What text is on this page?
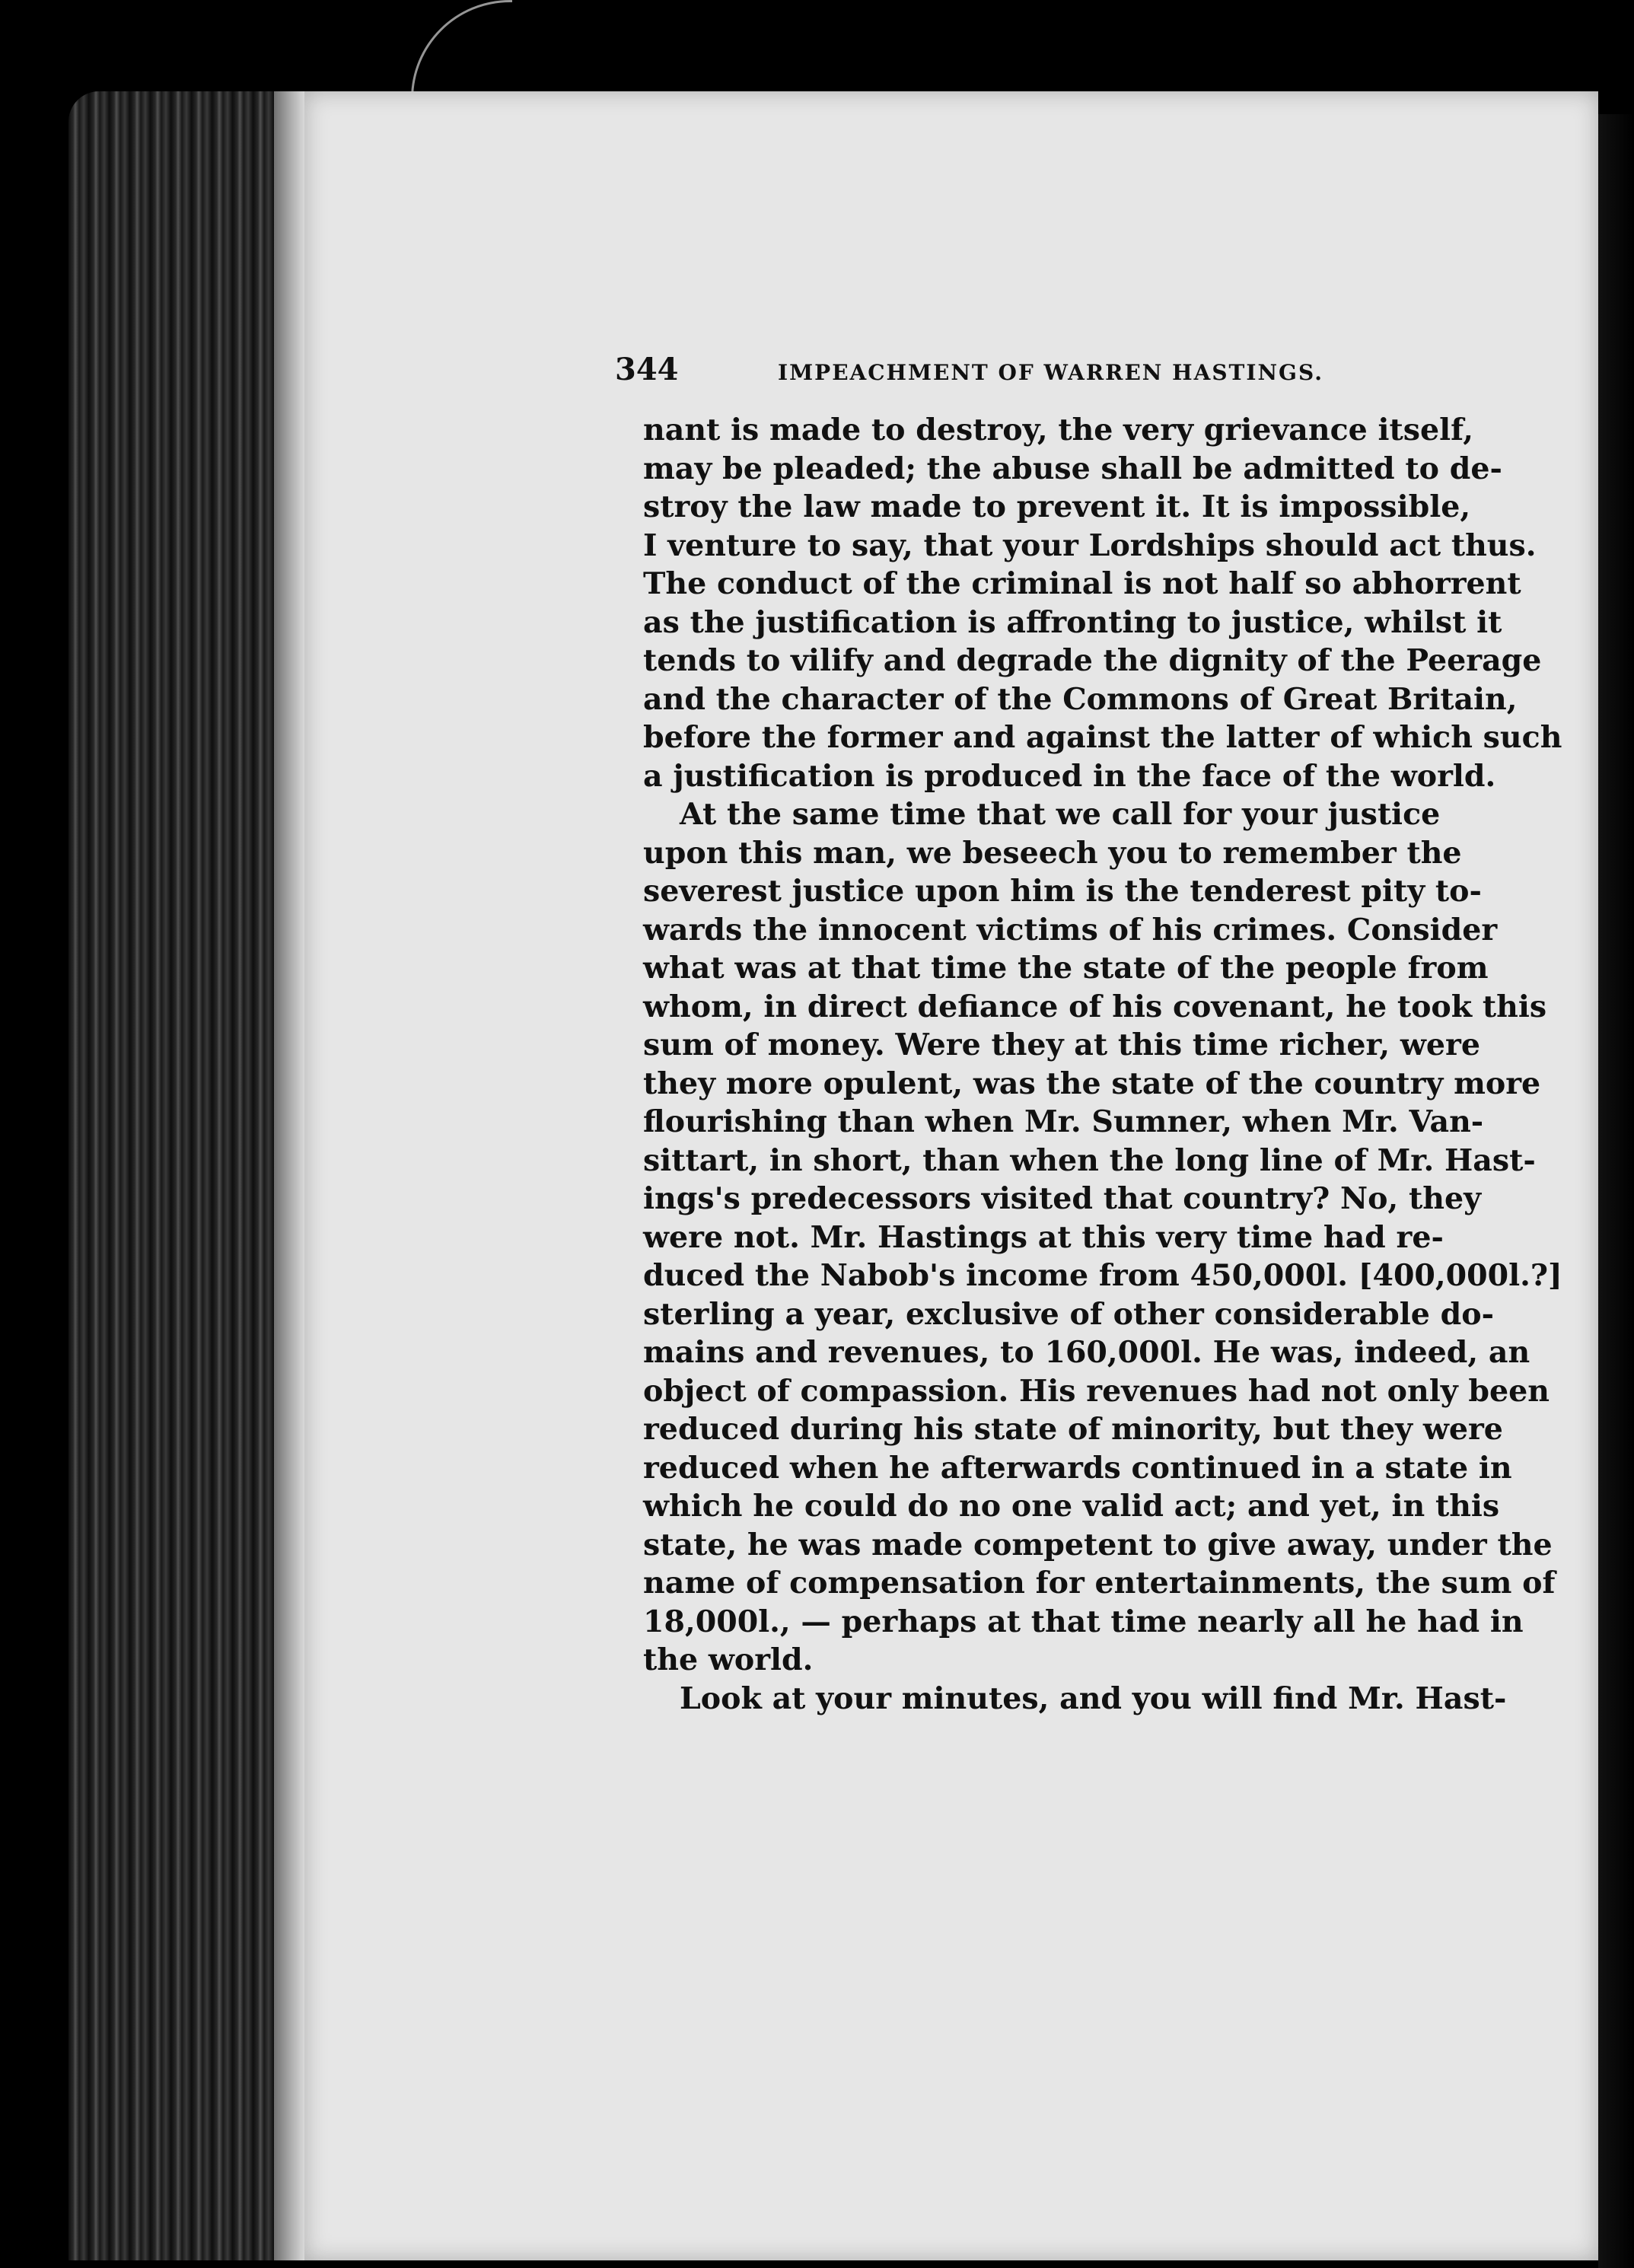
344	IMPEACHMENT OF WARREN HASTINGS.
nant is made to destroy, the very grievance itself,
may be pleaded; the abuse shall be admitted to de-
stroy the law made to prevent it. It is impossible,
I venture to say, that your Lordships should act thus.
The conduct of the criminal is not half so abhorrent
as the justification is affronting to justice, whilst it
tends to vilify and degrade the dignity of the Peerage
and the character of the Commons of Great Britain,
before the former and against the latter of which such
a justification is produced in the face of the world.
At the same time that we call for your justice
upon this man, we beseech you to remember the
severest justice upon him is the tenderest pity to-
wards the innocent victims of his crimes. Consider
what was at that time the state of the people from
whom, in direct defiance of his covenant, he took this
sum of money. Were they at this time richer, were
they more opulent, was the state of the country more
flourishing than when Mr. Sumner, when Mr. Van-
sittart, in short, than when the long line of Mr. Hast-
ings's predecessors visited that country? No, they
were not. Mr. Hastings at this very time had re-
duced the Nabob's income from 450,000l. [400,000l.?]
sterling a year, exclusive of other considerable do-
mains and revenues, to 160,000l. He was, indeed, an
object of compassion. His revenues had not only been
reduced during his state of minority, but they were
reduced when he afterwards continued in a state in
which he could do no one valid act; and yet, in this
state, he was made competent to give away, under the
name of compensation for entertainments, the sum of
18,000l., — perhaps at that time nearly all he had in
the world.
Look at your minutes, and you will find Mr. Hast-
